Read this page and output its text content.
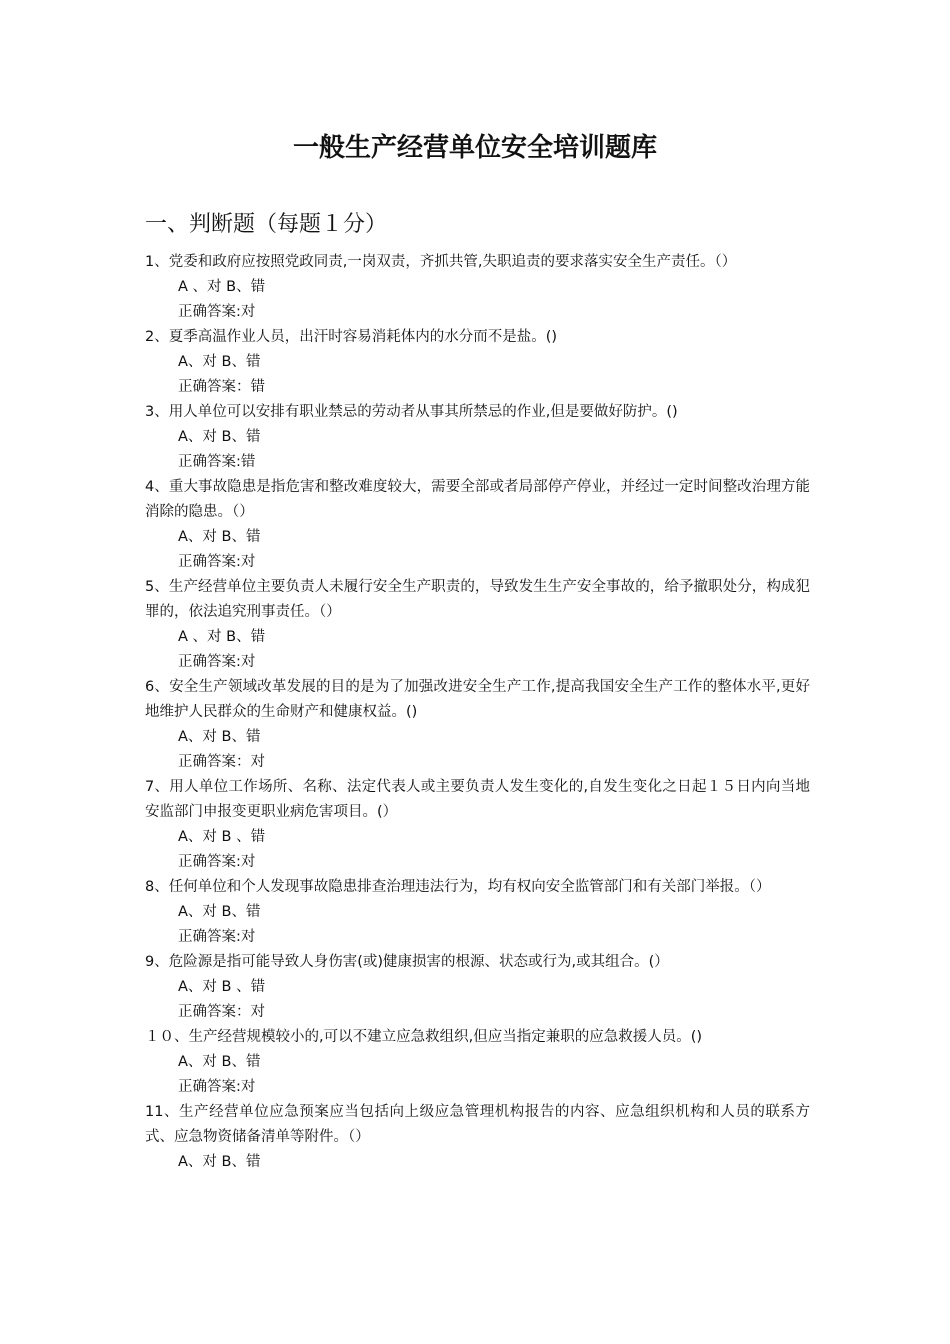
一般生产经营单位安全培训题库
一、判断题（每题１分）

1、党委和政府应按照党政同责,一岗双责，齐抓共管,失职追责的要求落实安全生产责任。（）

A 、对 B、错

正确答案:对

2、夏季高温作业人员，出汗时容易消耗体内的水分而不是盐。()

A、对 B、错

正确答案：错

3、用人单位可以安排有职业禁忌的劳动者从事其所禁忌的作业,但是要做好防护。()

A、对 B、错

正确答案:错

4、重大事故隐患是指危害和整改难度较大，需要全部或者局部停产停业，并经过一定时间整改治理方能消除的隐患。（）

A、对 B、错

正确答案:对

5、生产经营单位主要负责人未履行安全生产职责的，导致发生生产安全事故的，给予撤职处分，构成犯罪的，依法追究刑事责任。（）

A 、对 B、错

正确答案:对

6、安全生产领域改革发展的目的是为了加强改进安全生产工作,提高我国安全生产工作的整体水平,更好地维护人民群众的生命财产和健康权益。()

A、对 B、错

正确答案：对

7、用人单位工作场所、名称、法定代表人或主要负责人发生变化的,自发生变化之日起１５日内向当地安监部门申报变更职业病危害项目。(）

A、对 B 、错

正确答案:对

8、任何单位和个人发现事故隐患排查治理违法行为，均有权向安全监管部门和有关部门举报。（）

A、对 B、错

正确答案:对

9、危险源是指可能导致人身伤害(或)健康损害的根源、状态或行为,或其组合。(）

A、对 B 、错

正确答案：对

１０、生产经营规模较小的,可以不建立应急救组织,但应当指定兼职的应急救援人员。()

A、对 B、错

正确答案:对

11、生产经营单位应急预案应当包括向上级应急管理机构报告的内容、应急组织机构和人员的联系方式、应急物资储备清单等附件。（）

A、对 B、错
